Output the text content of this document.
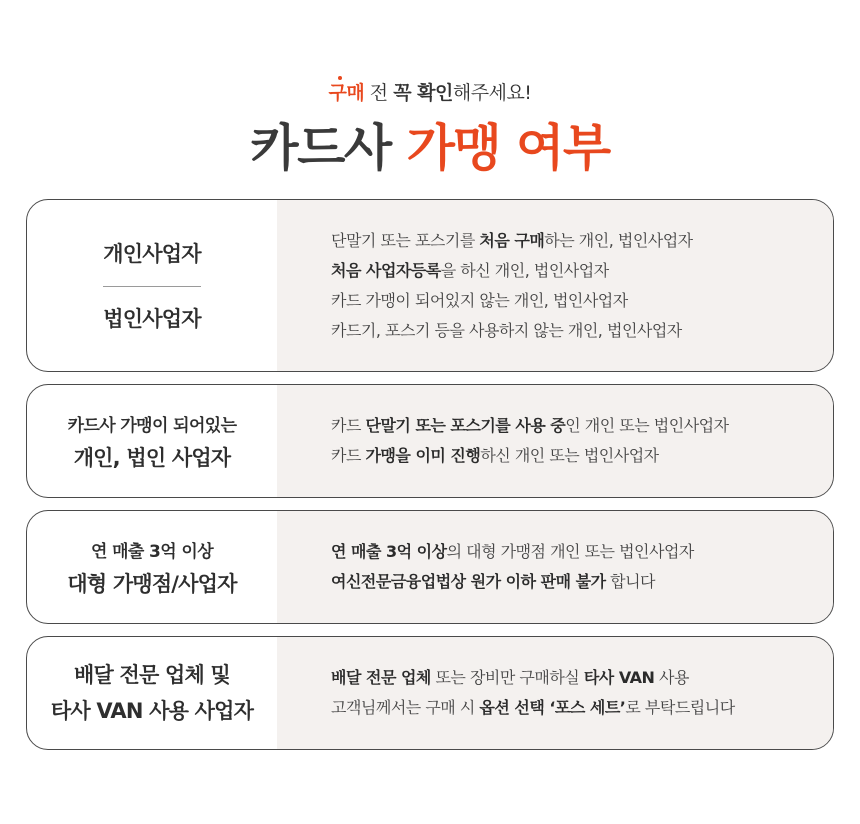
구매 전 꼭 확인해주세요!
카드사 가맹 여부
개인사업자
법인사업자
단말기 또는 포스기를 처음 구매하는 개인, 법인사업자
처음 사업자등록을 하신 개인, 법인사업자
카드 가맹이 되어있지 않는 개인, 법인사업자
카드기, 포스기 등을 사용하지 않는 개인, 법인사업자
카드사 가맹이 되어있는
개인, 법인 사업자
카드 단말기 또는 포스기를 사용 중인 개인 또는 법인사업자
카드 가맹을 이미 진행하신 개인 또는 법인사업자
연 매출 3억 이상
대형 가맹점/사업자
연 매출 3억 이상의 대형 가맹점 개인 또는 법인사업자
여신전문금융업법상 원가 이하 판매 불가 합니다
배달 전문 업체 및
타사 VAN 사용 사업자
배달 전문 업체 또는 장비만 구매하실 타사 VAN 사용
고객님께서는 구매 시 옵션 선택 ‘포스 세트’로 부탁드립니다
